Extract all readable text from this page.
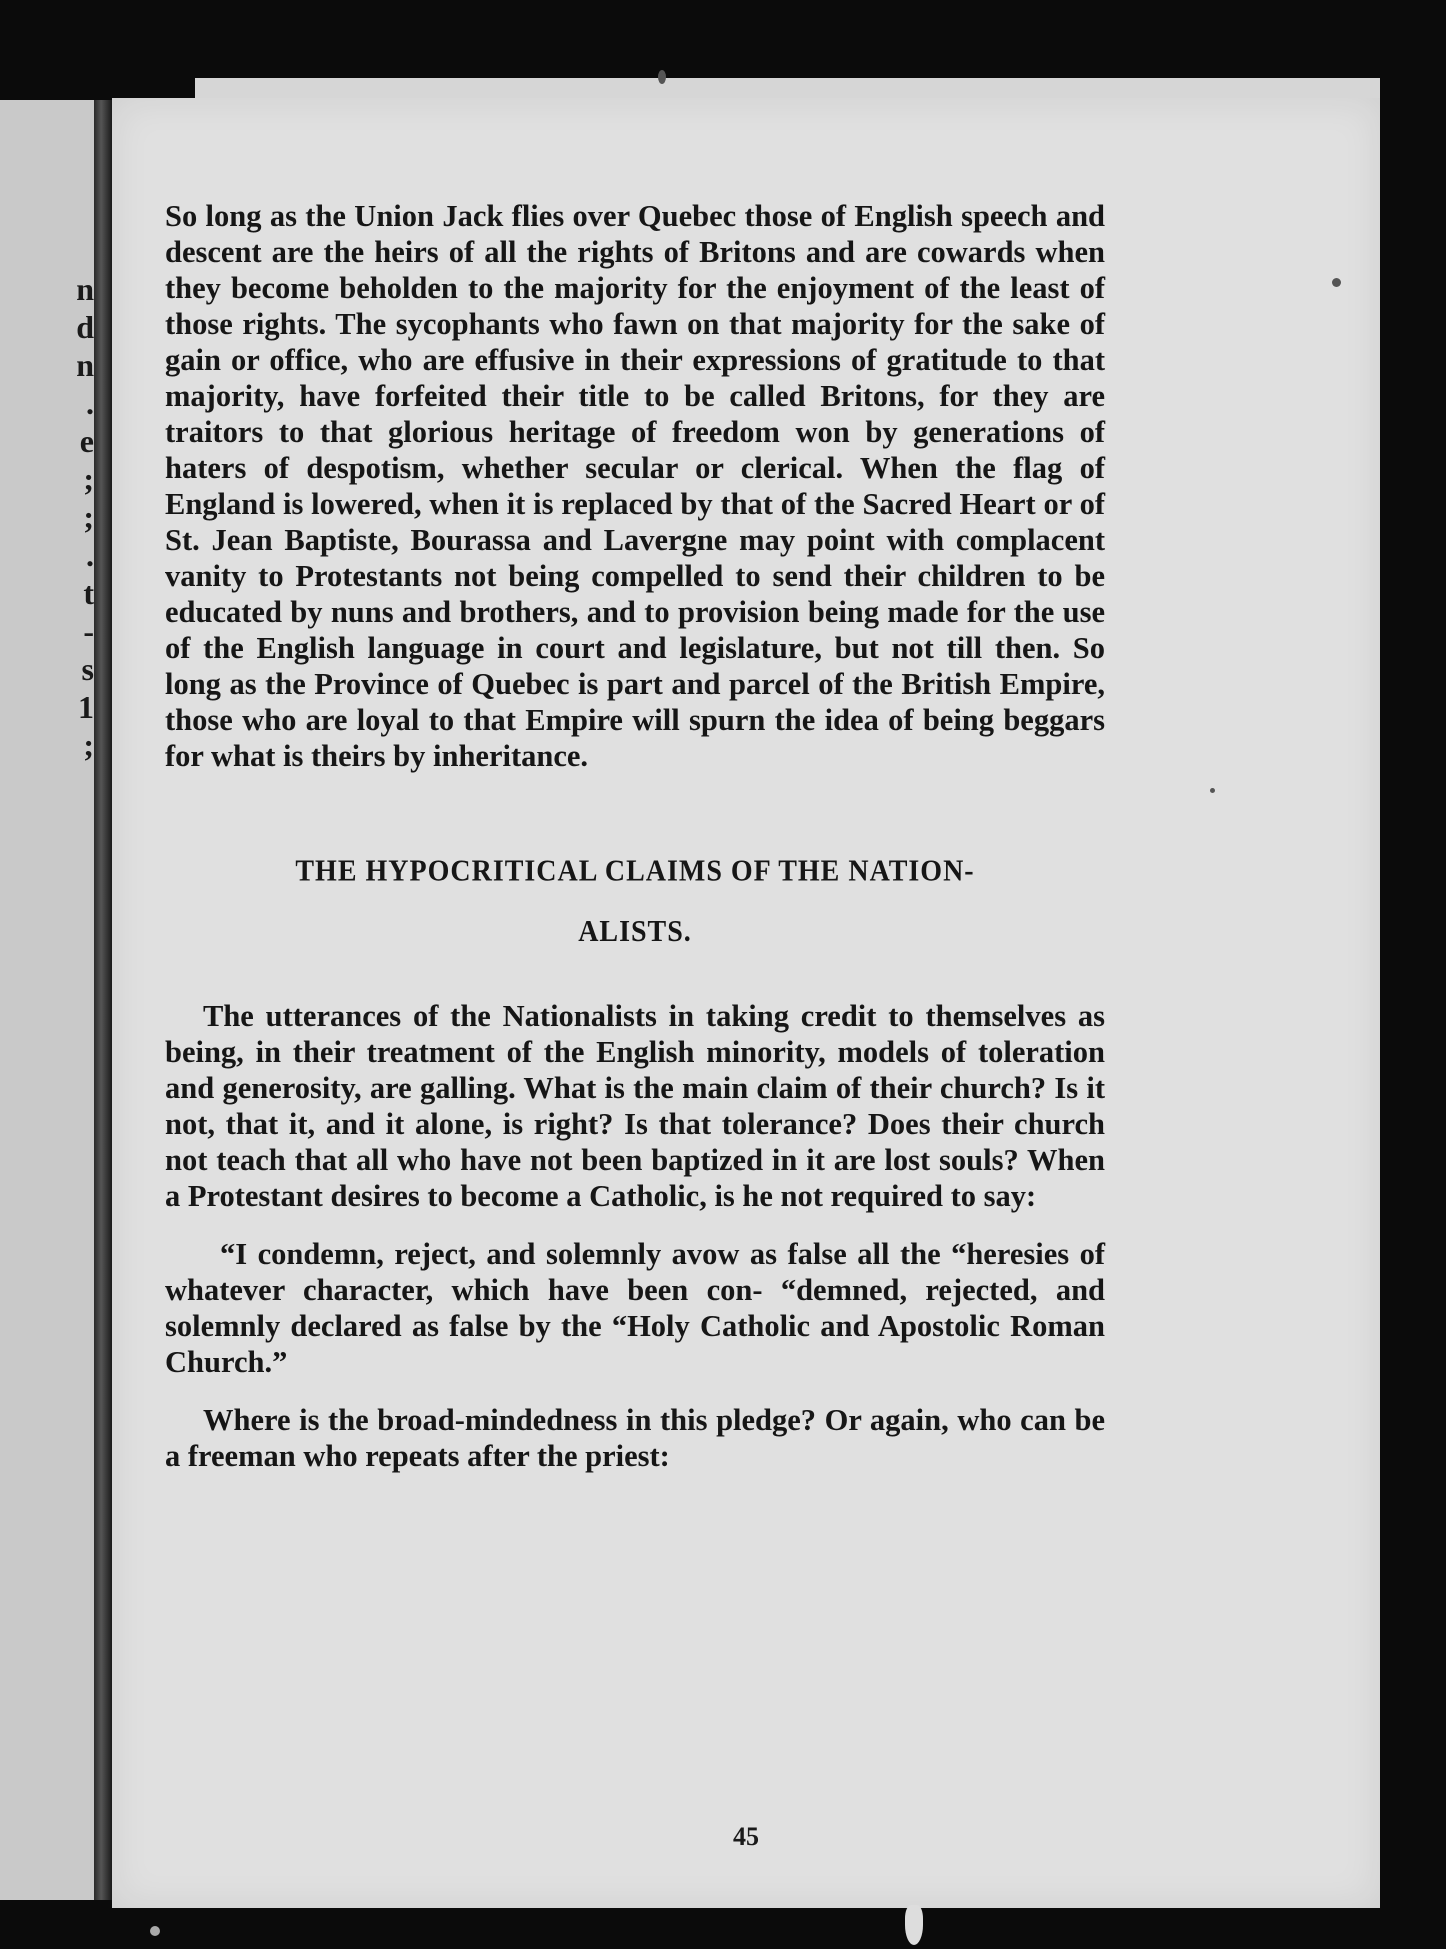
n
d
n
.
e
;
;
.
t
-
s
1
;

So long as the Union Jack flies over Quebec those of English speech and descent are the heirs of all the rights of Britons and are cowards when they become beholden to the majority for the enjoyment of the least of those rights. The sycophants who fawn on that majority for the sake of gain or office, who are effusive in their expressions of gratitude to that majority, have forfeited their title to be called Britons, for they are traitors to that glorious heritage of freedom won by generations of haters of despotism, whether secular or clerical. When the flag of England is lowered, when it is replaced by that of the Sacred Heart or of St. Jean Baptiste, Bourassa and Lavergne may point with complacent vanity to Protestants not being compelled to send their children to be educated by nuns and brothers, and to provision being made for the use of the English language in court and legislature, but not till then. So long as the Province of Quebec is part and parcel of the British Empire, those who are loyal to that Empire will spurn the idea of being beggars for what is theirs by inheritance.

THE HYPOCRITICAL CLAIMS OF THE NATION-
ALISTS.

The utterances of the Nationalists in taking credit to themselves as being, in their treatment of the English minority, models of toleration and generosity, are galling. What is the main claim of their church? Is it not, that it, and it alone, is right? Is that tolerance? Does their church not teach that all who have not been baptized in it are lost souls? When a Protestant desires to become a Catholic, is he not required to say:

“I condemn, reject, and solemnly avow as false all the “heresies of whatever character, which have been con- “demned, rejected, and solemnly declared as false by the “Holy Catholic and Apostolic Roman Church.”

Where is the broad-mindedness in this pledge? Or again, who can be a freeman who repeats after the priest:

45
